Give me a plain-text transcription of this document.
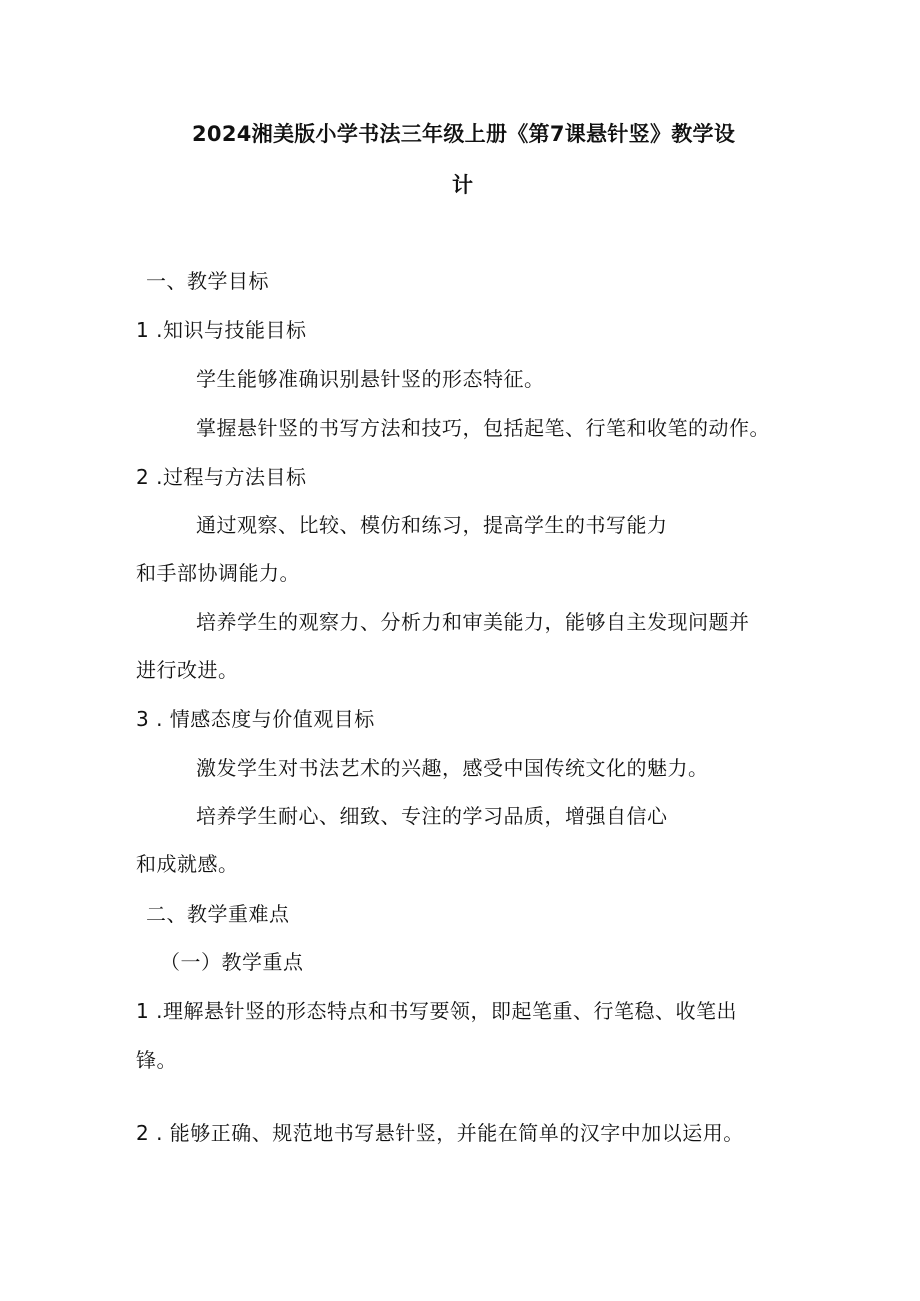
2024湘美版小学书法三年级上册《第7课悬针竖》教学设
计
一、教学目标
1 .知识与技能目标
学生能够准确识别悬针竖的形态特征。
掌握悬针竖的书写方法和技巧，包括起笔、行笔和收笔的动作。
2 .过程与方法目标
通过观察、比较、模仿和练习，提高学生的书写能力
和手部协调能力。
培养学生的观察力、分析力和审美能力，能够自主发现问题并
进行改进。
3 . 情感态度与价值观目标
激发学生对书法艺术的兴趣，感受中国传统文化的魅力。
培养学生耐心、细致、专注的学习品质，增强自信心
和成就感。
二、教学重难点
（一）教学重点
1 .理解悬针竖的形态特点和书写要领，即起笔重、行笔稳、收笔出
锋。
2 . 能够正确、规范地书写悬针竖，并能在简单的汉字中加以运用。
